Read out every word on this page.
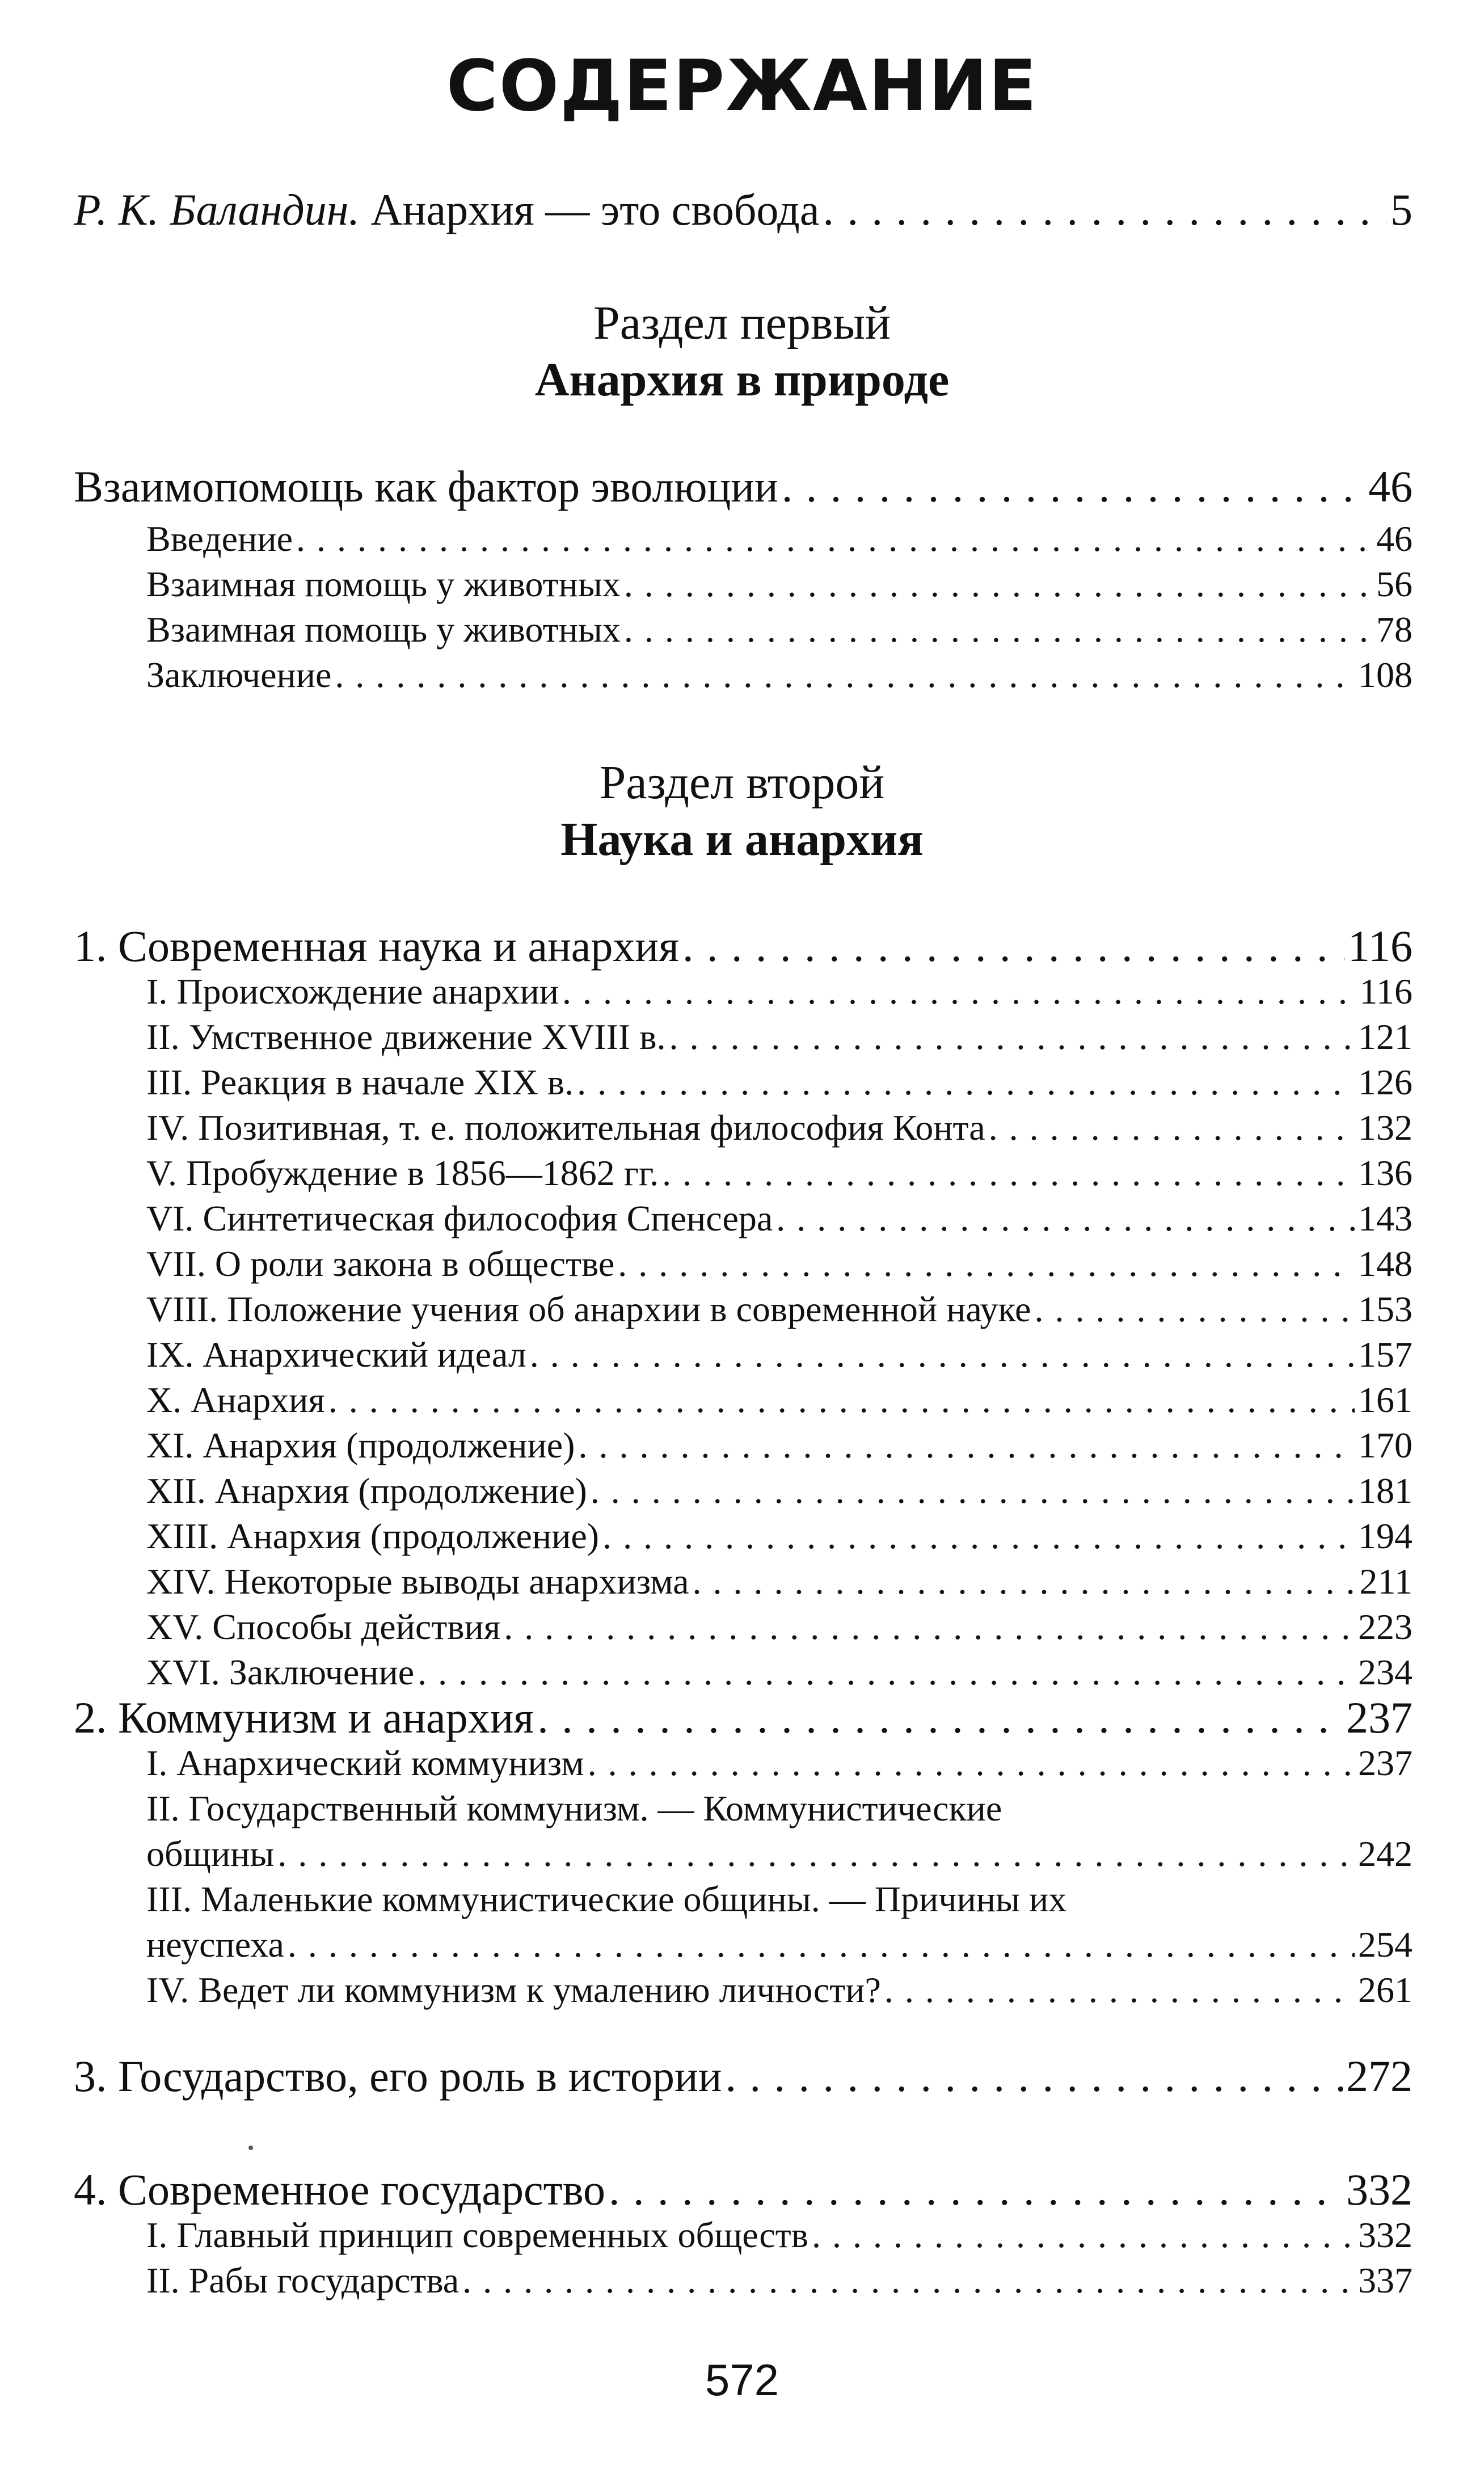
СОДЕРЖАНИЕ
Р. К. Баландин. Анархия — это свобода . . .	5
Раздел первый
Анархия в природе
Взаимопомощь как фактор эволюции . . .	46
Введение . . .	46
Взаимная помощь у животных . . .	56
Взаимная помощь у животных . . .	78
Заключение . . .	108
Раздел второй
Наука и анархия
1. Современная наука и анархия . . .	116
I. Происхождение анархии . . .	116
II. Умственное движение XVIII в. . . .	121
III. Реакция в начале XIX в. . . .	126
IV. Позитивная, т. е. положительная философия Конта . . .	132
V. Пробуждение в 1856—1862 гг. . . .	136
VI. Синтетическая философия Спенсера . . .	143
VII. О роли закона в обществе . . .	148
VIII. Положение учения об анархии в современной науке . . .	153
IX. Анархический идеал . . .	157
X. Анархия . . .	161
XI. Анархия (продолжение) . . .	170
XII. Анархия (продолжение) . . .	181
XIII. Анархия (продолжение) . . .	194
XIV. Некоторые выводы анархизма . . .	211
XV. Способы действия . . .	223
XVI. Заключение . . .	234
2. Коммунизм и анархия . . .	237
I. Анархический коммунизм . . .	237
II. Государственный коммунизм. — Коммунистические
общины . . .	242
III. Маленькие коммунистические общины. — Причины их
неуспеха . . .	254
IV. Ведет ли коммунизм к умалению личности? . . .	261
3. Государство, его роль в истории . . .	272
4. Современное государство . . .	332
I. Главный принцип современных обществ . . .	332
II. Рабы государства . . .	337
572
